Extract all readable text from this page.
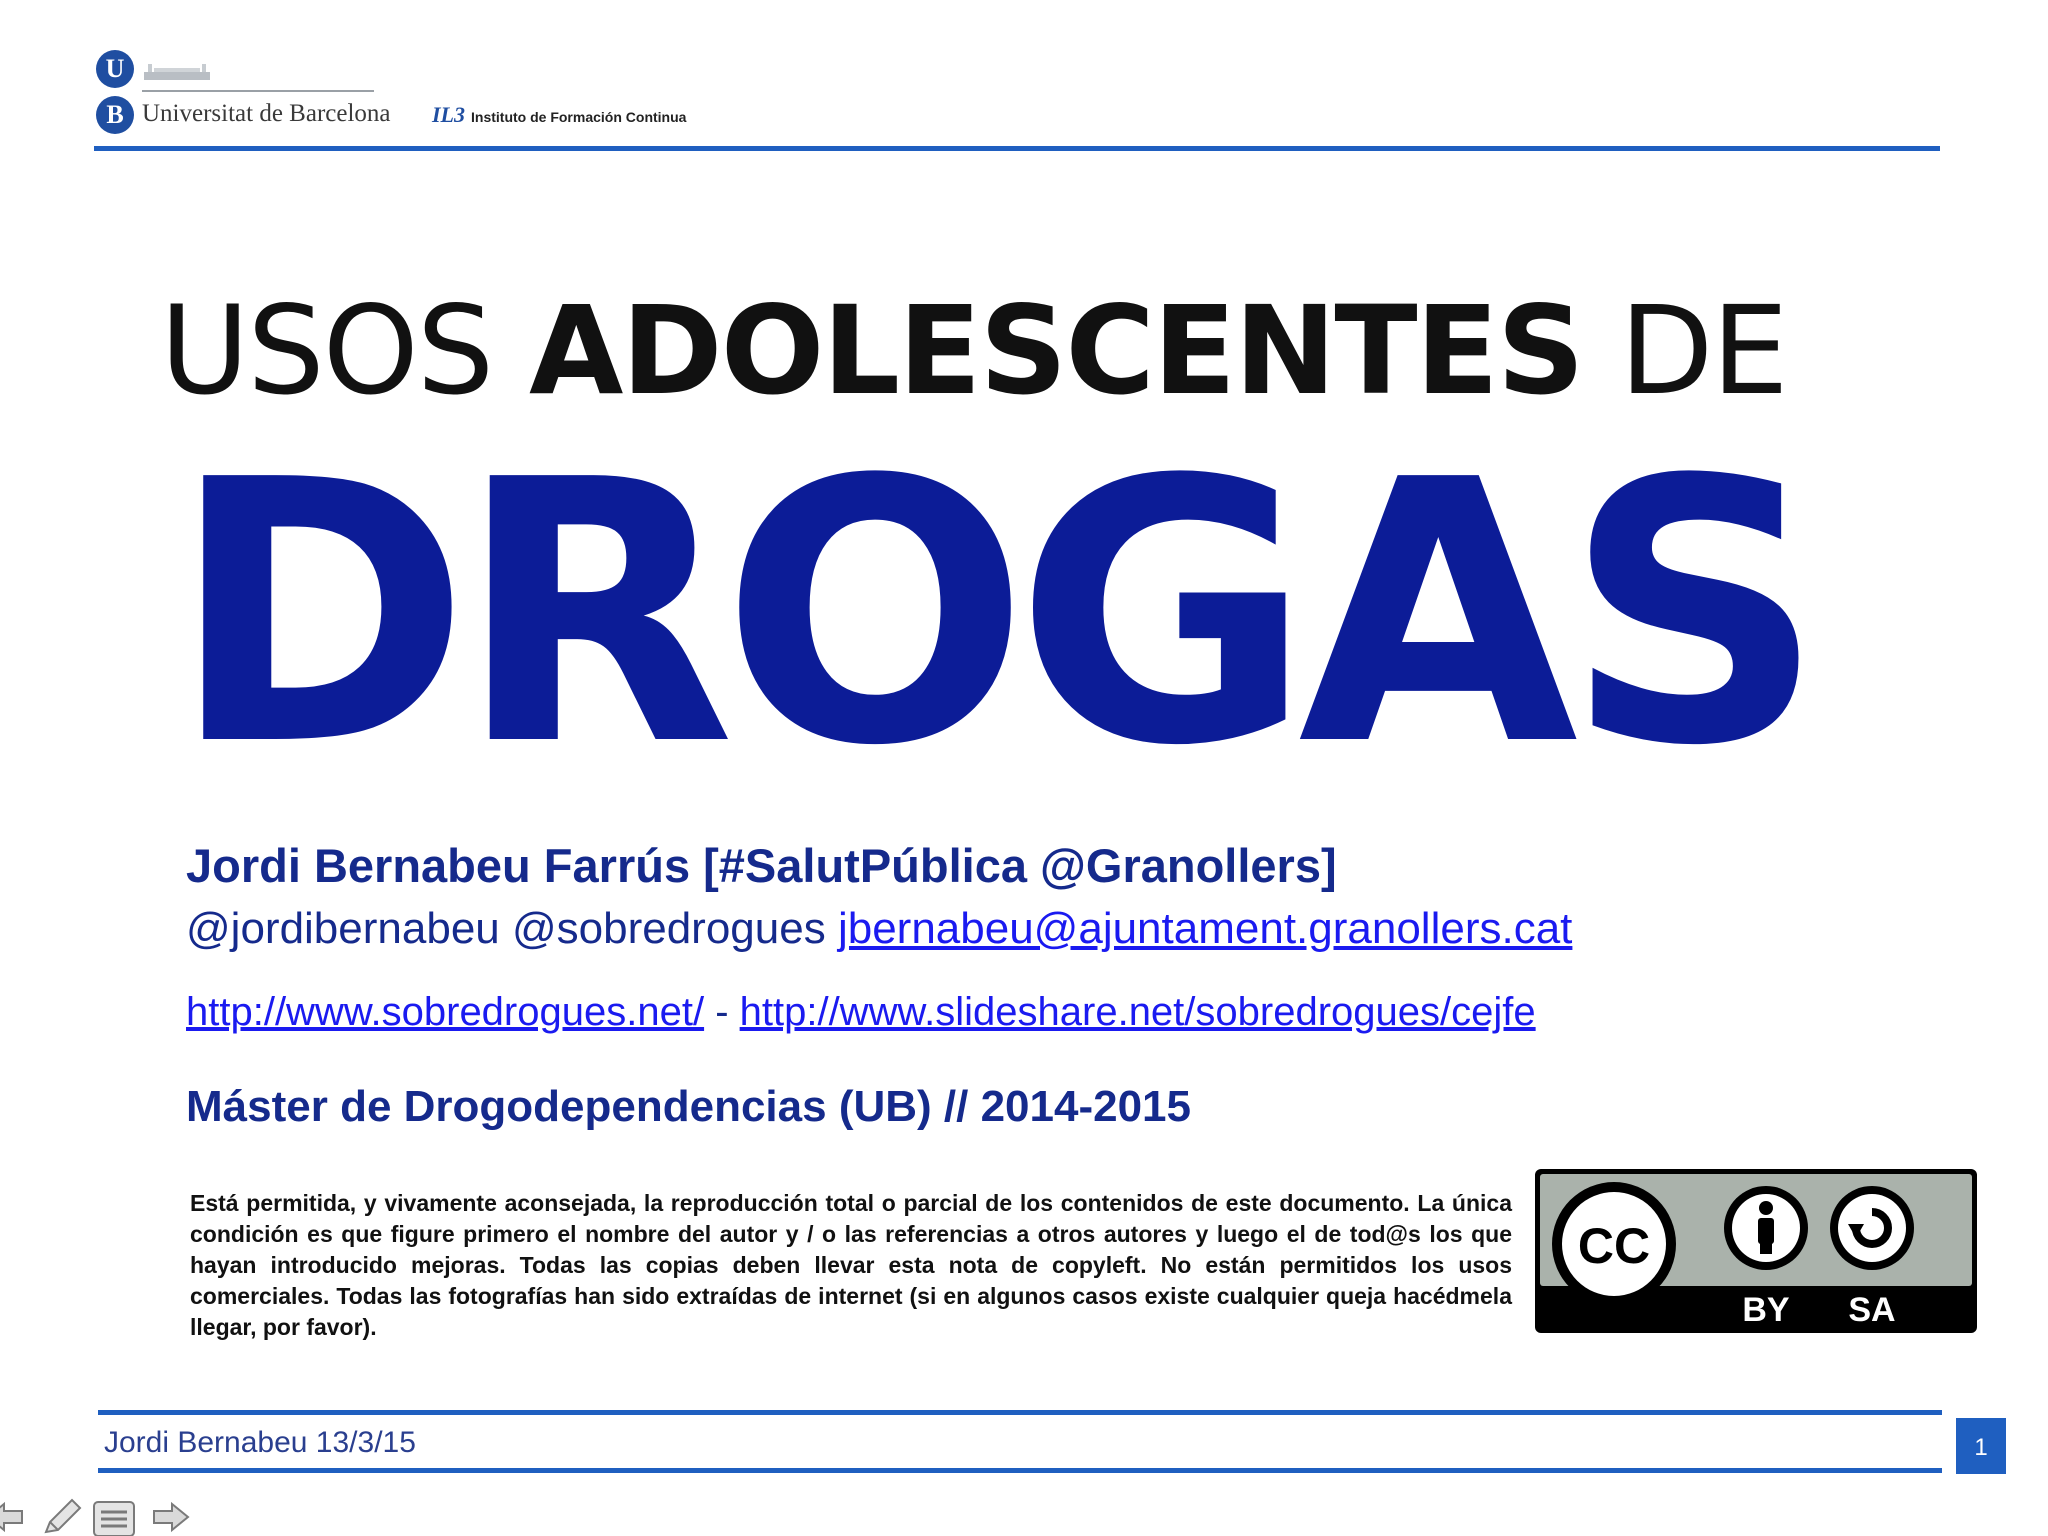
U
B Universitat de Barcelona IL3 Instituto de Formación Continua
USOS ADOLESCENTES DE
DROGAS
Jordi Bernabeu Farrús [#SalutPública @Granollers]
@jordibernabeu @sobredrogues jbernabeu@ajuntament.granollers.cat
http://www.sobredrogues.net/ - http://www.slideshare.net/sobredrogues/cejfe
Máster de Drogodependencias (UB) // 2014-2015
Está permitida, y vivamente aconsejada, la reproducción total o parcial de los contenidos de este documento. La única condición es que figure primero el nombre del autor y / o las referencias a otros autores y luego el de tod@s los que hayan introducido mejoras. Todas las copias deben llevar esta nota de copyleft. No están permitidos los usos comerciales. Todas las fotografías han sido extraídas de internet (si en algunos casos existe cualquier queja hacédmela llegar, por favor).
CC
BY SA
Jordi Bernabeu 13/3/15	1
